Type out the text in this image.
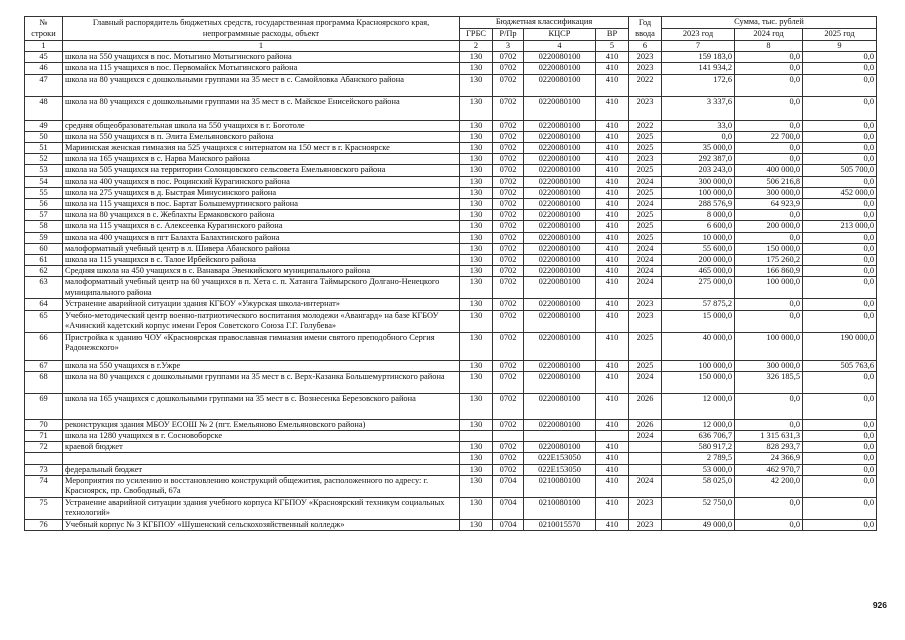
№ строки	Главный распорядитель бюджетных средств, государственная программа Красноярского края, непрограммные расходы, объект	Бюджетная классификация				Год ввода	Сумма, тыс. рублей		
		ГРБС	Р/Пр	КЦСР	ВР		2023 год	2024 год	2025 год
1	1	2	3	4	5	6	7	8	9
45	школа на 550 учащихся в пос. Мотыгино Мотыгинского района	130	0702	0220080100	410	2023	159 183,0	0,0	0,0
46	школа на 115 учащихся в пос. Первомайск Мотыгинского района	130	0702	0220080100	410	2023	141 934,2	0,0	0,0
47	школа на 80 учащихся с дошкольными группами на 35 мест в с. Самойловка Абанского района	130	0702	0220080100	410	2022	172,6	0,0	0,0
48	школа на 80 учащихся с дошкольными группами на 35 мест в с. Майское Енисейского района	130	0702	0220080100	410	2023	3 337,6	0,0	0,0
49	средняя общеобразовательная школа на 550 учащихся в г. Боготоле	130	0702	0220080100	410	2022	33,0	0,0	0,0
50	школа на 550 учащихся в п. Элита Емельяновского района	130	0702	0220080100	410	2025	0,0	22 700,0	0,0
51	Мариинская женская гимназия на 525 учащихся с интернатом на 150 мест в г. Красноярске	130	0702	0220080100	410	2025	35 000,0	0,0	0,0
52	школа на 165 учащихся в с. Нарва Манского района	130	0702	0220080100	410	2023	292 387,0	0,0	0,0
53	школа на 505 учащихся на территории Солонцовского сельсовета Емельяновского района	130	0702	0220080100	410	2025	203 243,0	400 000,0	505 700,0
54	школа на 400 учащихся в пос. Роцинский Курагинского района	130	0702	0220080100	410	2024	300 000,0	506 216,8	0,0
55	школа на 275 учащихся в д. Быстрая Минусинского района	130	0702	0220080100	410	2025	100 000,0	300 000,0	452 000,0
56	школа на 115 учащихся в пос. Бартат Большемуртинского района	130	0702	0220080100	410	2024	288 576,9	64 923,9	0,0
57	школа на 80 учащихся в с. Жеблахты Ермаковского района	130	0702	0220080100	410	2025	8 000,0	0,0	0,0
58	школа на 115 учащихся в с. Алексеевка Курагинского района	130	0702	0220080100	410	2025	6 600,0	200 000,0	213 000,0
59	школа на 400 учащихся в пгт Балахта Балахтинского района	130	0702	0220080100	410	2025	10 000,0	0,0	0,0
60	малоформатный учебный центр в л. Шиверa Абанского района	130	0702	0220080100	410	2024	55 600,0	150 000,0	0,0
61	школа на 115 учащихся в с. Талое Ирбейского района	130	0702	0220080100	410	2024	200 000,0	175 260,2	0,0
62	Средняя школа на 450 учащихся в с. Ванавара Эвенкийского муниципального района	130	0702	0220080100	410	2024	465 000,0	166 860,9	0,0
63	малоформатный учебный центр на 60 учащихся в п. Хета с. п. Хатанга Таймырского Долгано-Ненецкого муниципального района	130	0702	0220080100	410	2024	275 000,0	100 000,0	0,0
64	Устранение аварийной ситуации здания КГБОУ «Ужурская школа-интернат»	130	0702	0220080100	410	2023	57 875,2	0,0	0,0
65	Учебно-методический центр военно-патриотического воспитания молодежи «Авангард» на базе КГБОУ «Ачинский кадетский корпус имени Героя Советского Союза Г.Г. Голубева»	130	0702	0220080100	410	2023	15 000,0	0,0	0,0
66	Пристройка к зданию ЧОУ «Красноярская православная гимназия имени святого преподобного Сергия Радонежского»	130	0702	0220080100	410	2025	40 000,0	100 000,0	190 000,0
67	школа на 550 учащихся в г.Ужре	130	0702	0220080100	410	2025	100 000,0	300 000,0	505 763,6
68	школа на 80 учащихся с дошкольными группами на 35 мест в с. Верх-Казанка Большемуртинского района	130	0702	0220080100	410	2024	150 000,0	326 185,5	0,0
69	школа на 165 учащихся с дошкольными группами на 35 мест в с. Вознесенка Березовского района	130	0702	0220080100	410	2026	12 000,0	0,0	0,0
70	реконструкция здания МБОУ ЕСОШ № 2 (пгт. Емельяново Емельяновского района)	130	0702	0220080100	410	2026	12 000,0	0,0	0,0
71	школа на 1280 учащихся в г. Сосновоборске					2024	636 706,7	1 315 631,3	0,0
72	краевой бюджет	130	0702	0220080100	410		580 917,2	828 293,7	0,0
		130	0702	022E153050	410		2 789,5	24 366,9	0,0
73	федеральный бюджет	130	0702	022E153050	410		53 000,0	462 970,7	0,0
74	Мероприятия по усилению и восстановлению конструкций общежития, расположенного по адресу: г. Красноярск, пр. Свободный, 67а	130	0704	0210080100	410	2024	58 025,0	42 200,0	0,0
75	Устранение аварийной ситуации здания учебного корпуса КГБПОУ «Красноярский техникум социальных технологий»	130	0704	0210080100	410	2023	52 750,0	0,0	0,0
76	Учебный корпус № 3 КГБПОУ «Шушенский сельскохозяйственный колледж»	130	0704	0210015570	410	2023	49 000,0	0,0	0,0
926
